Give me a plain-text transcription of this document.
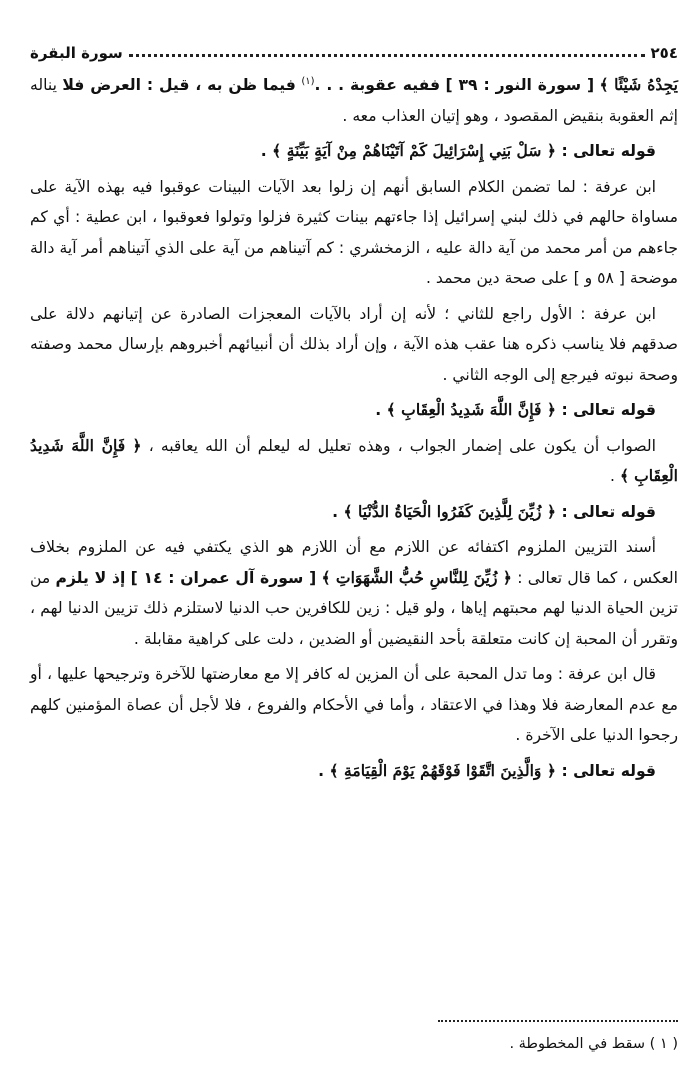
٢٥٤
سورة البقرة

يَجِدْهُ شَيْئًا ﴾ [ سورة النور : ٣٩ ] ففيه عقوبة . . .$^{(١)}$ فيما ظن به ، قيل : العرض فلا يناله إثم العقوبة بنقيض المقصود ، وهو إتيان العذاب معه .

قوله تعالى : ﴿ سَلْ بَنِي إِسْرَائِيلَ كَمْ آتَيْنَاهُمْ مِنْ آيَةٍ بَيِّنَةٍ ﴾ .

ابن عرفة : لما تضمن الكلام السابق أنهم إن زلوا بعد الآيات البينات عوقبوا فيه بهذه الآية على مساواة حالهم في ذلك لبني إسرائيل إذا جاءتهم بينات كثيرة فزلوا وتولوا فعوقبوا ، ابن عطية : أي كم جاءهم من أمر محمد من آية دالة عليه ، الزمخشري : كم آتيناهم من آية على الذي آتيناهم أمر آية دالة موضحة [ ٥٨ و ] على صحة دين محمد .

ابن عرفة : الأول راجع للثاني ؛ لأنه إن أراد بالآيات المعجزات الصادرة عن إتيانهم دلالة على صدقهم فلا يناسب ذكره هنا عقب هذه الآية ، وإن أراد بذلك أن أنبيائهم أخبروهم بإرسال محمد وصفته وصحة نبوته فيرجع إلى الوجه الثاني .

قوله تعالى : ﴿ فَإِنَّ اللَّهَ شَدِيدُ الْعِقَابِ ﴾ .

الصواب أن يكون على إضمار الجواب ، وهذه تعليل له ليعلم أن الله يعاقبه ، ﴿ فَإِنَّ اللَّهَ شَدِيدُ الْعِقَابِ ﴾ .

قوله تعالى : ﴿ زُيِّنَ لِلَّذِينَ كَفَرُوا الْحَيَاةُ الدُّنْيَا ﴾ .

أسند التزيين الملزوم اكتفائه عن اللازم مع أن اللازم هو الذي يكتفي فيه عن الملزوم بخلاف العكس ، كما قال تعالى : ﴿ زُيِّنَ لِلنَّاسِ حُبُّ الشَّهَوَاتِ ﴾ [ سورة آل عمران : ١٤ ] إذ لا يلزم من تزين الحياة الدنيا لهم محبتهم إياها ، ولو قيل : زين للكافرين حب الدنيا لاستلزم ذلك تزيين الدنيا لهم ، وتقرر أن المحبة إن كانت متعلقة بأحد النقيضين أو الضدين ، دلت على كراهية مقابلة .

قال ابن عرفة : وما تدل المحبة على أن المزين له كافر إلا مع معارضتها للآخرة وترجيحها عليها ، أو مع عدم المعارضة فلا وهذا في الاعتقاد ، وأما في الأحكام والفروع ، فلا لأجل أن عصاة المؤمنين كلهم رجحوا الدنيا على الآخرة .

قوله تعالى : ﴿ وَالَّذِينَ اتَّقَوْا فَوْقَهُمْ يَوْمَ الْقِيَامَةِ ﴾ .

( ١ ) سقط في المخطوطة .
